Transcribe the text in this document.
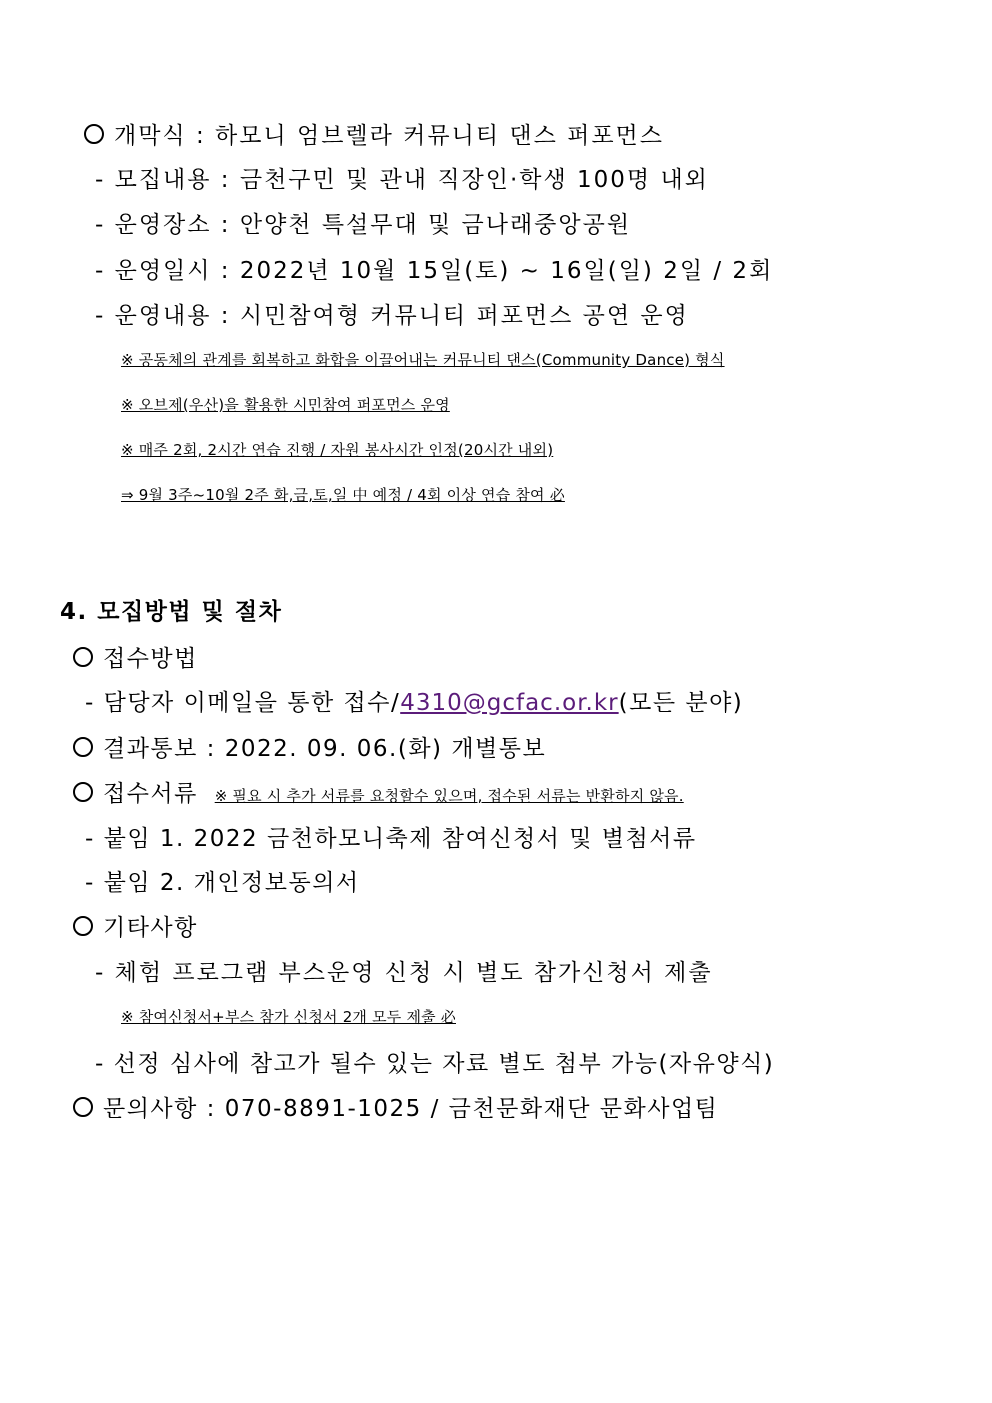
개막식 : 하모니 엄브렐라 커뮤니티 댄스 퍼포먼스
- 모집내용 : 금천구민 및 관내 직장인·학생 100명 내외
- 운영장소 : 안양천 특설무대 및 금나래중앙공원
- 운영일시 : 2022년 10월 15일(토) ~ 16일(일) 2일 / 2회
- 운영내용 : 시민참여형 커뮤니티 퍼포먼스 공연 운영
※ 공동체의 관계를 회복하고 화합을 이끌어내는 커뮤니티 댄스(Community Dance) 형식
※ 오브제(우산)을 활용한 시민참여 퍼포먼스 운영
※ 매주 2회, 2시간 연습 진행 / 자원 봉사시간 인정(20시간 내외)
⇒ 9월 3주~10월 2주 화,금,토,일 中 예정 / 4회 이상 연습 참여 必
4. 모집방법 및 절차
접수방법
- 담당자 이메일을 통한 접수/4310@gcfac.or.kr(모든 분야)
결과통보 : 2022. 09. 06.(화) 개별통보
접수서류 ※ 필요 시 추가 서류를 요청할수 있으며, 접수된 서류는 반환하지 않음.
- 붙임 1. 2022 금천하모니축제 참여신청서 및 별첨서류
- 붙임 2. 개인정보동의서
기타사항
- 체험 프로그램 부스운영 신청 시 별도 참가신청서 제출
※ 참여신청서+부스 참가 신청서 2개 모두 제출 必
- 선정 심사에 참고가 될수 있는 자료 별도 첨부 가능(자유양식)
문의사항 : 070-8891-1025 / 금천문화재단 문화사업팀
